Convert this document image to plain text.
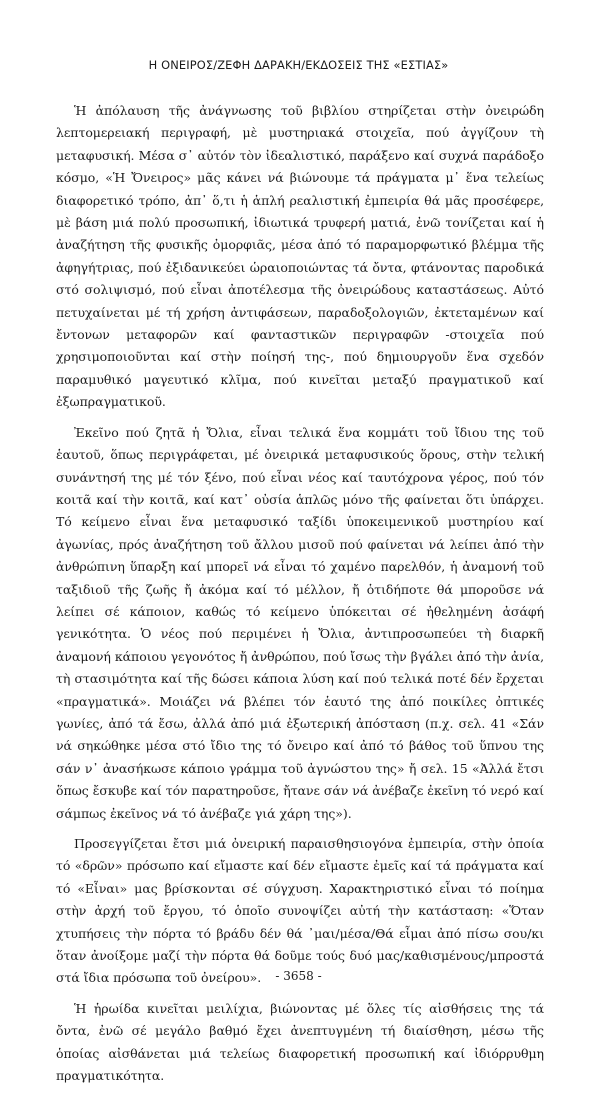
Η ΟΝΕΙΡΟΣ/ΖΕΦΗ ΔΑΡΑΚΗ/ΕΚΔΟΣΕΙΣ ΤΗΣ «ΕΣΤΙΑΣ»

Ἡ ἀπόλαυση τῆς ἀνάγνωσης τοῦ βιβλίου στηρίζεται στὴν ὀνειρώδη λεπτομερειακή περιγραφή, μὲ μυστηριακά στοιχεῖα, πού ἀγγίζουν τὴ μεταφυσική. Μέσα σ᾽ αὐτόν τὸν ἰδεαλιστικό, παράξενο καί συχνά παράδοξο κόσμο, «Ἡ Ὄνειρος» μᾶς κάνει νά βιώνουμε τά πράγματα μ᾽ ἕνα τελείως διαφορετικό τρόπο, ἀπ᾽ ὅ,τι ἡ ἁπλή ρεαλιστική ἐμπειρία θά μᾶς προσέφερε, μὲ βάση μιά πολύ προσωπική, ἰδιωτικά τρυφερή ματιά, ἐνῶ τονίζεται καί ἡ ἀναζήτηση τῆς φυσικῆς ὀμορφιᾶς, μέσα ἀπό τό παραμορφωτικό βλέμμα τῆς ἀφηγήτριας, πού ἐξιδανικεύει ὡραιοποιώντας τά ὄντα, φτάνοντας παροδικά στό σολιψισμό, πού εἶναι ἀποτέλεσμα τῆς ὀνειρώδους καταστάσεως. Αὐτό πετυχαίνεται μέ τή χρήση ἀντιφάσεων, παραδοξολογιῶν, ἐκτεταμένων καί ἔντονων μεταφορῶν καί φανταστικῶν περιγραφῶν -στοιχεῖα πού χρησιμοποιοῦνται καί στὴν ποίησή της-, πού δημιουργοῦν ἕνα σχεδόν παραμυθικό μαγευτικό κλῖμα, πού κινεῖται μεταξύ πραγματικοῦ καί ἐξωπραγματικοῦ.

Ἐκεῖνο πού ζητᾶ ἡ Ὄλια, εἶναι τελικά ἕνα κομμάτι τοῦ ἴδιου της τοῦ ἑαυτοῦ, ὅπως περιγράφεται, μέ ὀνειρικά μεταφυσικούς ὅρους, στὴν τελική συνάντησή της μέ τόν ξένο, πού εἶναι νέος καί ταυτόχρονα γέρος, πού τόν κοιτᾶ καί τὴν κοιτᾶ, καί κατ᾽ οὐσία ἁπλῶς μόνο τῆς φαίνεται ὅτι ὑπάρχει. Τό κείμενο εἶναι ἕνα μεταφυσικό ταξίδι ὑποκειμενικοῦ μυστηρίου καί ἀγωνίας, πρός ἀναζήτηση τοῦ ἄλλου μισοῦ πού φαίνεται νά λείπει ἀπό τὴν ἀνθρώπινη ὕπαρξη καί μπορεῖ νά εἶναι τό χαμένο παρελθόν, ἡ ἀναμονή τοῦ ταξιδιοῦ τῆς ζωῆς ἤ ἀκόμα καί τό μέλλον, ἤ ὁτιδήποτε θά μποροῦσε νά λείπει σέ κάποιον, καθώς τό κείμενο ὑπόκειται σέ ἠθελημένη ἀσάφή γενικότητα. Ὁ νέος πού περιμένει ἡ Ὄλια, ἀντιπροσωπεύει τὴ διαρκῆ ἀναμονή κάποιου γεγονότος ἤ ἀνθρώπου, πού ἴσως τὴν βγάλει ἀπό τὴν ἀνία, τὴ στασιμότητα καί τῆς δώσει κάποια λύση καί πού τελικά ποτέ δέν ἔρχεται «πραγματικά». Μοιάζει νά βλέπει τόν ἑαυτό της ἀπό ποικίλες ὀπτικές γωνίες, ἀπό τά ἔσω, ἀλλά ἀπό μιά ἐξωτερική ἀπόσταση (π.χ. σελ. 41 «Σάν νά σηκώθηκε μέσα στό ἴδιο της τό ὄνειρο καί ἀπό τό βάθος τοῦ ὕπνου της σάν ν᾽ ἀνασήκωσε κάποιο γράμμα τοῦ ἀγνώστου της» ἤ σελ. 15 «Ἀλλά ἔτσι ὅπως ἔσκυβε καί τόν παρατηροῦσε, ἤτανε σάν νά ἀνέβαζε ἐκεῖνη τό νερό καί σάμπως ἐκεῖνος νά τό ἀνέβαζε γιά χάρη της»).

Προσεγγίζεται ἔτσι μιά ὀνειρική παραισθησιογόνα ἐμπειρία, στὴν ὁποία τό «δρῶν» πρόσωπο καί εἴμαστε καί δέν εἴμαστε ἐμεῖς καί τά πράγματα καί τό «Εἶναι» μας βρίσκονται σέ σύγχυση. Χαρακτηριστικό εἶναι τό ποίημα στὴν ἀρχή τοῦ ἔργου, τό ὁποῖο συνοψίζει αὐτή τὴν κατάσταση: «Ὅταν χτυπήσεις τὴν πόρτα τό βράδυ δέν θά ᾽μαι/μέσα/Θά εἶμαι ἀπό πίσω σου/κι ὅταν ἀνοίξομε μαζί τὴν πόρτα θά δοῦμε τούς δυό μας/καθισμένους/μπροστά στά ἴδια πρόσωπα τοῦ ὀνείρου».

Ἡ ἡρωίδα κινεῖται μειλίχια, βιώνοντας μέ ὅλες τίς αἰσθήσεις της τά ὄντα, ἐνῶ σέ μεγάλο βαθμό ἔχει ἀνεπτυγμένη τή διαίσθηση, μέσω τῆς ὁποίας αἰσθάνεται μιά τελείως διαφορετική προσωπική καί ἰδιόρρυθμη πραγματικότητα.

- 3658 -
